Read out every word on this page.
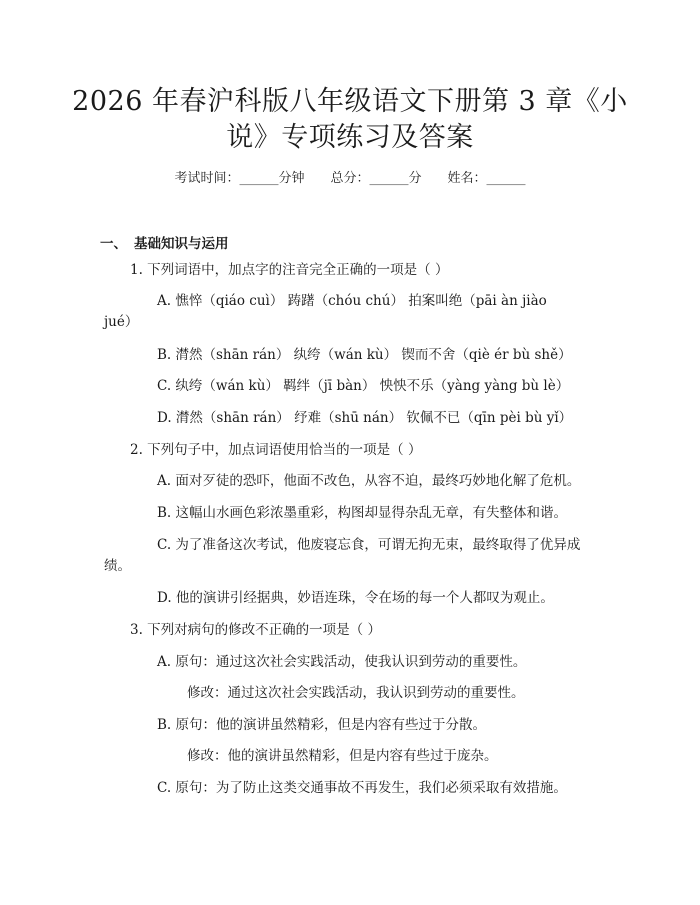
2026 年春沪科版八年级语文下册第 3 章《小
说》专项练习及答案
考试时间：______分钟 总分：______分 姓名：______
一、 基础知识与运用
1. 下列词语中，加点字的注音完全正确的一项是（ ）
A. 憔悴（qiáo cuì） 踌躇（chóu chú） 拍案叫绝（pāi àn jiào
jué）
B. 潸然（shān rán） 纨绔（wán kù） 锲而不舍（qiè ér bù shě）
C. 纨绔（wán kù） 羁绊（jī bàn） 怏怏不乐（yàng yàng bù lè）
D. 潸然（shān rán） 纾难（shū nán） 钦佩不已（qīn pèi bù yǐ）
2. 下列句子中，加点词语使用恰当的一项是（ ）
A. 面对歹徒的恐吓，他面不改色，从容不迫，最终巧妙地化解了危机。
B. 这幅山水画色彩浓墨重彩，构图却显得杂乱无章，有失整体和谐。
C. 为了准备这次考试，他废寝忘食，可谓无拘无束，最终取得了优异成
绩。
D. 他的演讲引经据典，妙语连珠，令在场的每一个人都叹为观止。
3. 下列对病句的修改不正确的一项是（ ）
A. 原句：通过这次社会实践活动，使我认识到劳动的重要性。
修改：通过这次社会实践活动，我认识到劳动的重要性。
B. 原句：他的演讲虽然精彩，但是内容有些过于分散。
修改：他的演讲虽然精彩，但是内容有些过于庞杂。
C. 原句：为了防止这类交通事故不再发生，我们必须采取有效措施。
